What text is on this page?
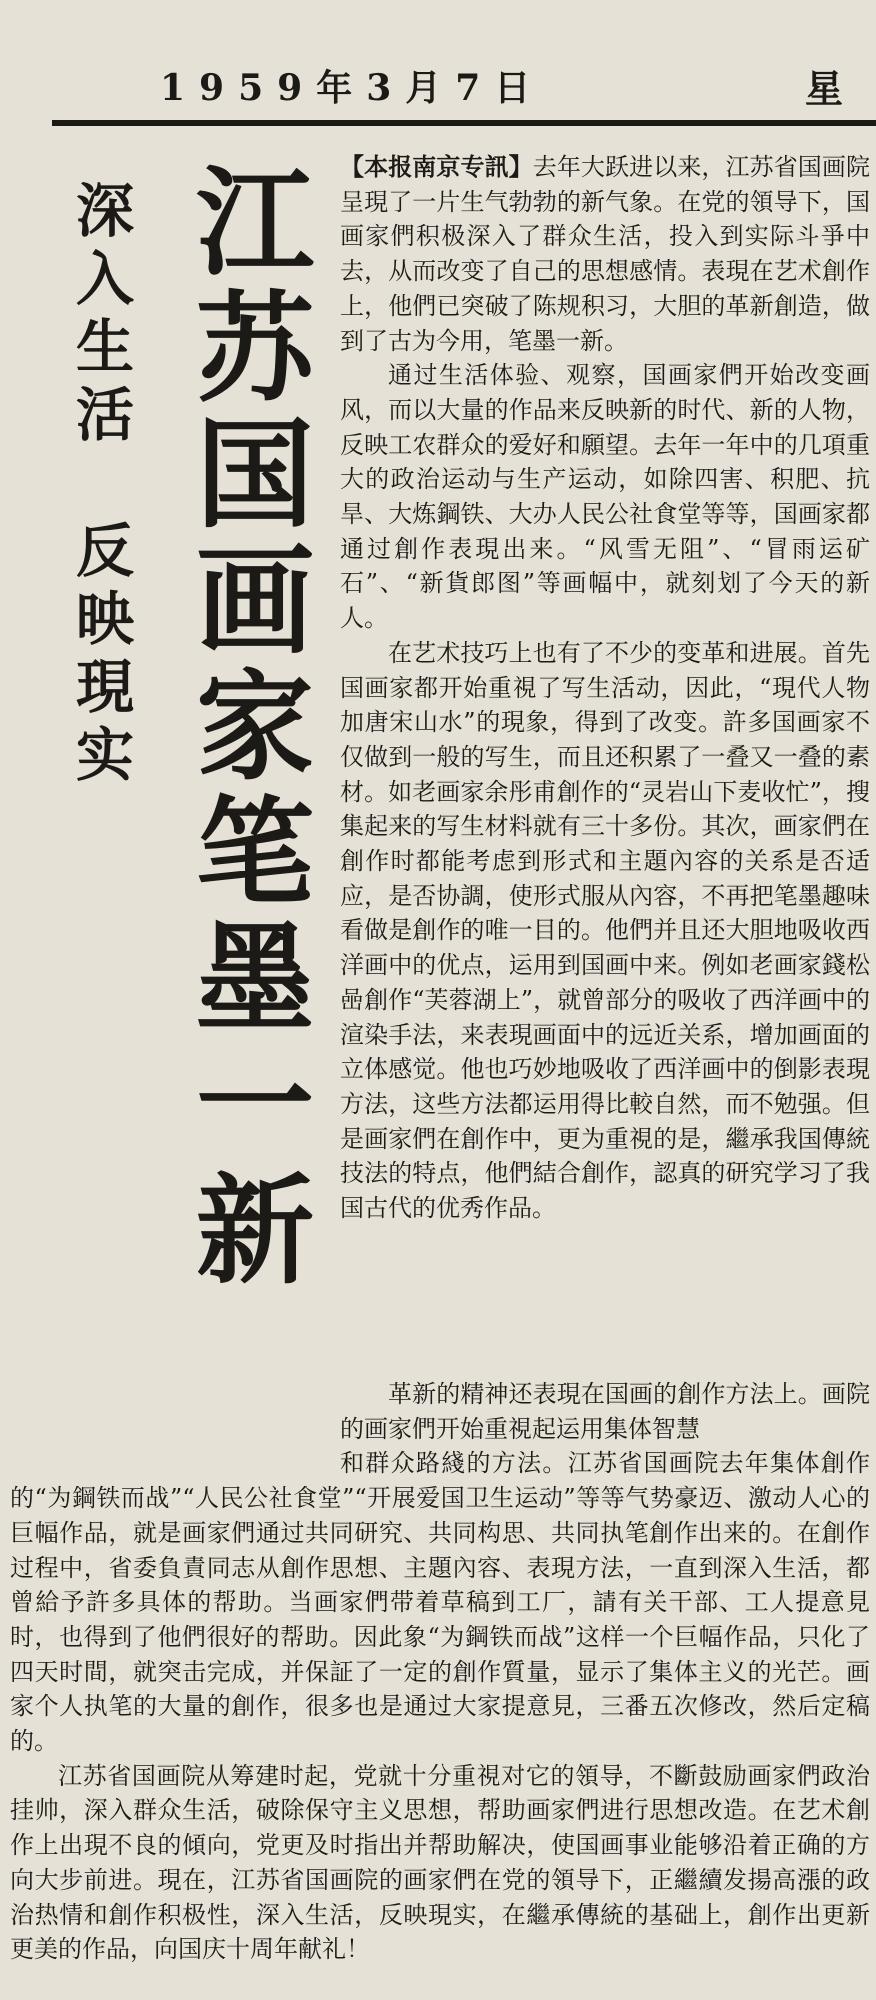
1959年3月7日	星
深入生活　反映現实 江苏国画家笔墨一新 【本报南京专訊】去年大跃进以来，江苏省国画院呈現了一片生气勃勃的新气象。在党的領导下，国画家們积极深入了群众生活，投入到实际斗爭中去，从而改变了自己的思想感情。表現在艺术創作上，他們已突破了陈规积习，大胆的革新創造，做到了古为今用，笔墨一新。

通过生活体验、观察，国画家們开始改变画风，而以大量的作品来反映新的时代、新的人物，反映工农群众的爱好和願望。去年一年中的几項重大的政治运动与生产运动，如除四害、积肥、抗旱、大炼鋼铁、大办人民公社食堂等等，国画家都通过創作表現出来。“风雪无阻”、“冒雨运矿石”、“新貨郎图”等画幅中，就刻划了今天的新人。

在艺术技巧上也有了不少的变革和进展。首先国画家都开始重視了写生活动，因此，“現代人物加唐宋山水”的現象，得到了改变。許多国画家不仅做到一般的写生，而且还积累了一叠又一叠的素材。如老画家余彤甫創作的“灵岩山下麦收忙”，搜集起来的写生材料就有三十多份。其次，画家們在創作时都能考虑到形式和主題內容的关系是否适应，是否协調，使形式服从內容，不再把笔墨趣味看做是創作的唯一目的。他們并且还大胆地吸收西洋画中的优点，运用到国画中来。例如老画家錢松喦創作“芙蓉湖上”，就曾部分的吸收了西洋画中的渲染手法，来表現画面中的远近关系，增加画面的立体感觉。他也巧妙地吸收了西洋画中的倒影表現方法，这些方法都运用得比較自然，而不勉强。但是画家們在創作中，更为重視的是，繼承我国傳統技法的特点，他們結合創作，認真的研究学习了我国古代的优秀作品。

革新的精神还表現在国画的創作方法上。画院的画家們开始重視起运用集体智慧

和群众路綫的方法。江苏省国画院去年集体創作的“为鋼铁而战”“人民公社食堂”“开展爱国卫生运动”等等气势豪迈、激动人心的巨幅作品，就是画家們通过共同研究、共同构思、共同执笔創作出来的。在創作过程中，省委負責同志从創作思想、主題內容、表現方法，一直到深入生活，都曾給予許多具体的帮助。当画家們带着草稿到工厂，請有关干部、工人提意見时，也得到了他們很好的帮助。因此象“为鋼铁而战”这样一个巨幅作品，只化了四天时間，就突击完成，并保証了一定的創作質量，显示了集体主义的光芒。画家个人执笔的大量的創作，很多也是通过大家提意見，三番五次修改，然后定稿的。

江苏省国画院从筹建时起，党就十分重視对它的領导，不斷鼓励画家們政治挂帅，深入群众生活，破除保守主义思想，帮助画家們进行思想改造。在艺术創作上出現不良的傾向，党更及时指出并帮助解决，使国画事业能够沿着正确的方向大步前进。現在，江苏省国画院的画家們在党的領导下，正繼續发揚高漲的政治热情和創作积极性，深入生活，反映現实，在繼承傳統的基础上，創作出更新更美的作品，向国庆十周年献礼！
